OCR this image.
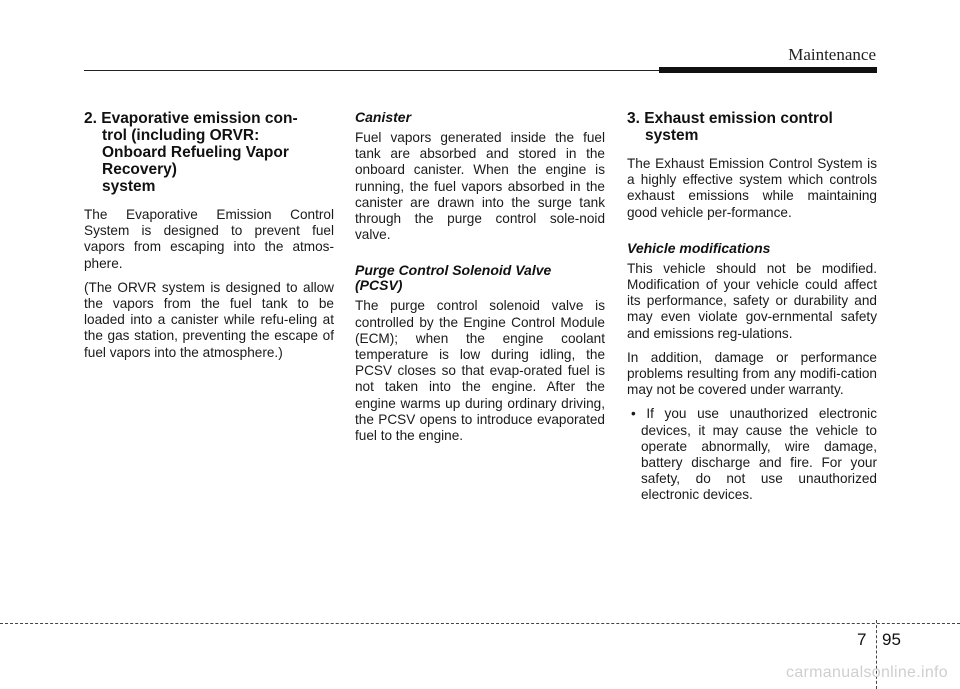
Maintenance
2. Evaporative emission con-
trol (including ORVR:
Onboard Refueling Vapor
Recovery)
system

The Evaporative Emission Control System is designed to prevent fuel vapors from escaping into the atmos-phere.

(The ORVR system is designed to allow the vapors from the fuel tank to be loaded into a canister while refu-eling at the gas station, preventing the escape of fuel vapors into the atmosphere.)

Canister

Fuel vapors generated inside the fuel tank are absorbed and stored in the onboard canister. When the engine is running, the fuel vapors absorbed in the canister are drawn into the surge tank through the purge control sole-noid valve.

Purge Control Solenoid Valve
(PCSV)

The purge control solenoid valve is controlled by the Engine Control Module (ECM); when the engine coolant temperature is low during idling, the PCSV closes so that evap-orated fuel is not taken into the engine. After the engine warms up during ordinary driving, the PCSV opens to introduce evaporated fuel to the engine.

3. Exhaust emission control
system

The Exhaust Emission Control System is a highly effective system which controls exhaust emissions while maintaining good vehicle per-formance.

Vehicle modifications

This vehicle should not be modified. Modification of your vehicle could affect its performance, safety or durability and may even violate gov-ernmental safety and emissions reg-ulations.

In addition, damage or performance problems resulting from any modifi-cation may not be covered under warranty.

• If you use unauthorized electronic devices, it may cause the vehicle to operate abnormally, wire damage, battery discharge and fire. For your safety, do not use unauthorized electronic devices.

7 95
carmanualsonline.info
